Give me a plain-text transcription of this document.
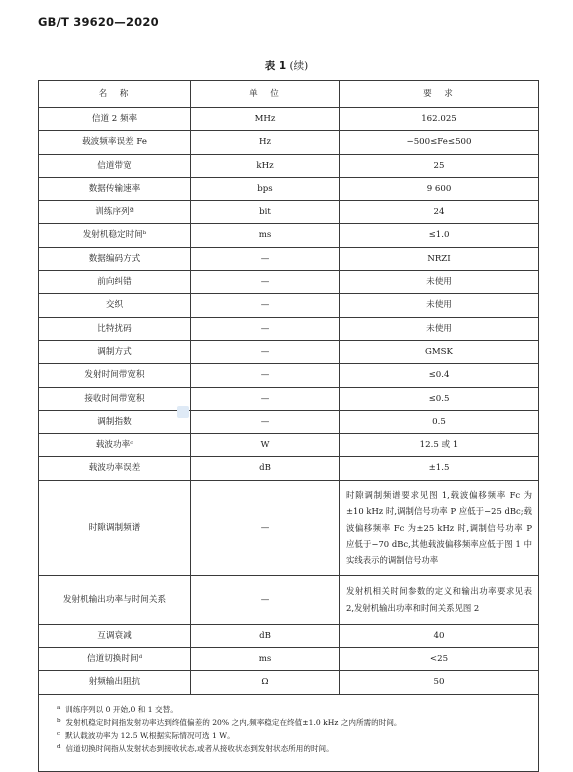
GB/T 39620—2020
表 1 (续)
名　称	单　位	要　求
信道 2 频率	MHz	162.025
载波频率误差 Fe	Hz	−500≤Fe≤500
信道带宽	kHz	25
数据传输速率	bps	9 600
训练序列ª	bit	24
发射机稳定时间ᵇ	ms	≤1.0
数据编码方式	—	NRZI
前向纠错	—	未使用
交织	—	未使用
比特扰码	—	未使用
调制方式	—	GMSK
发射时间带宽积	—	≤0.4
接收时间带宽积	—	≤0.5
调制指数	—	0.5
载波功率ᶜ	W	12.5 或 1
载波功率误差	dB	±1.5
时隙调制频谱	—	时隙调制频谱要求见图 1,载波偏移频率 Fc 为±10 kHz 时,调制信号功率 P 应低于−25 dBc;载波偏移频率 Fc 为±25 kHz 时,调制信号功率 P 应低于−70 dBc,其他载波偏移频率应低于图 1 中实线表示的调制信号功率
发射机输出功率与时间关系	—	发射机相关时间参数的定义和输出功率要求见表 2,发射机输出功率和时间关系见图 2
互调衰减	dB	40
信道切换时间ᵈ	ms	<25
射频输出阻抗	Ω	50

$^a$ 训练序列以 0 开始,0 和 1 交替。
$^b$ 发射机稳定时间指发射功率达到终值偏差的 20% 之内,频率稳定在终值±1.0 kHz 之内所需的时间。
$^c$ 默认载波功率为 12.5 W,根据实际情况可选 1 W。
$^d$ 信道切换时间指从发射状态到接收状态,或者从接收状态到发射状态所用的时间。		
